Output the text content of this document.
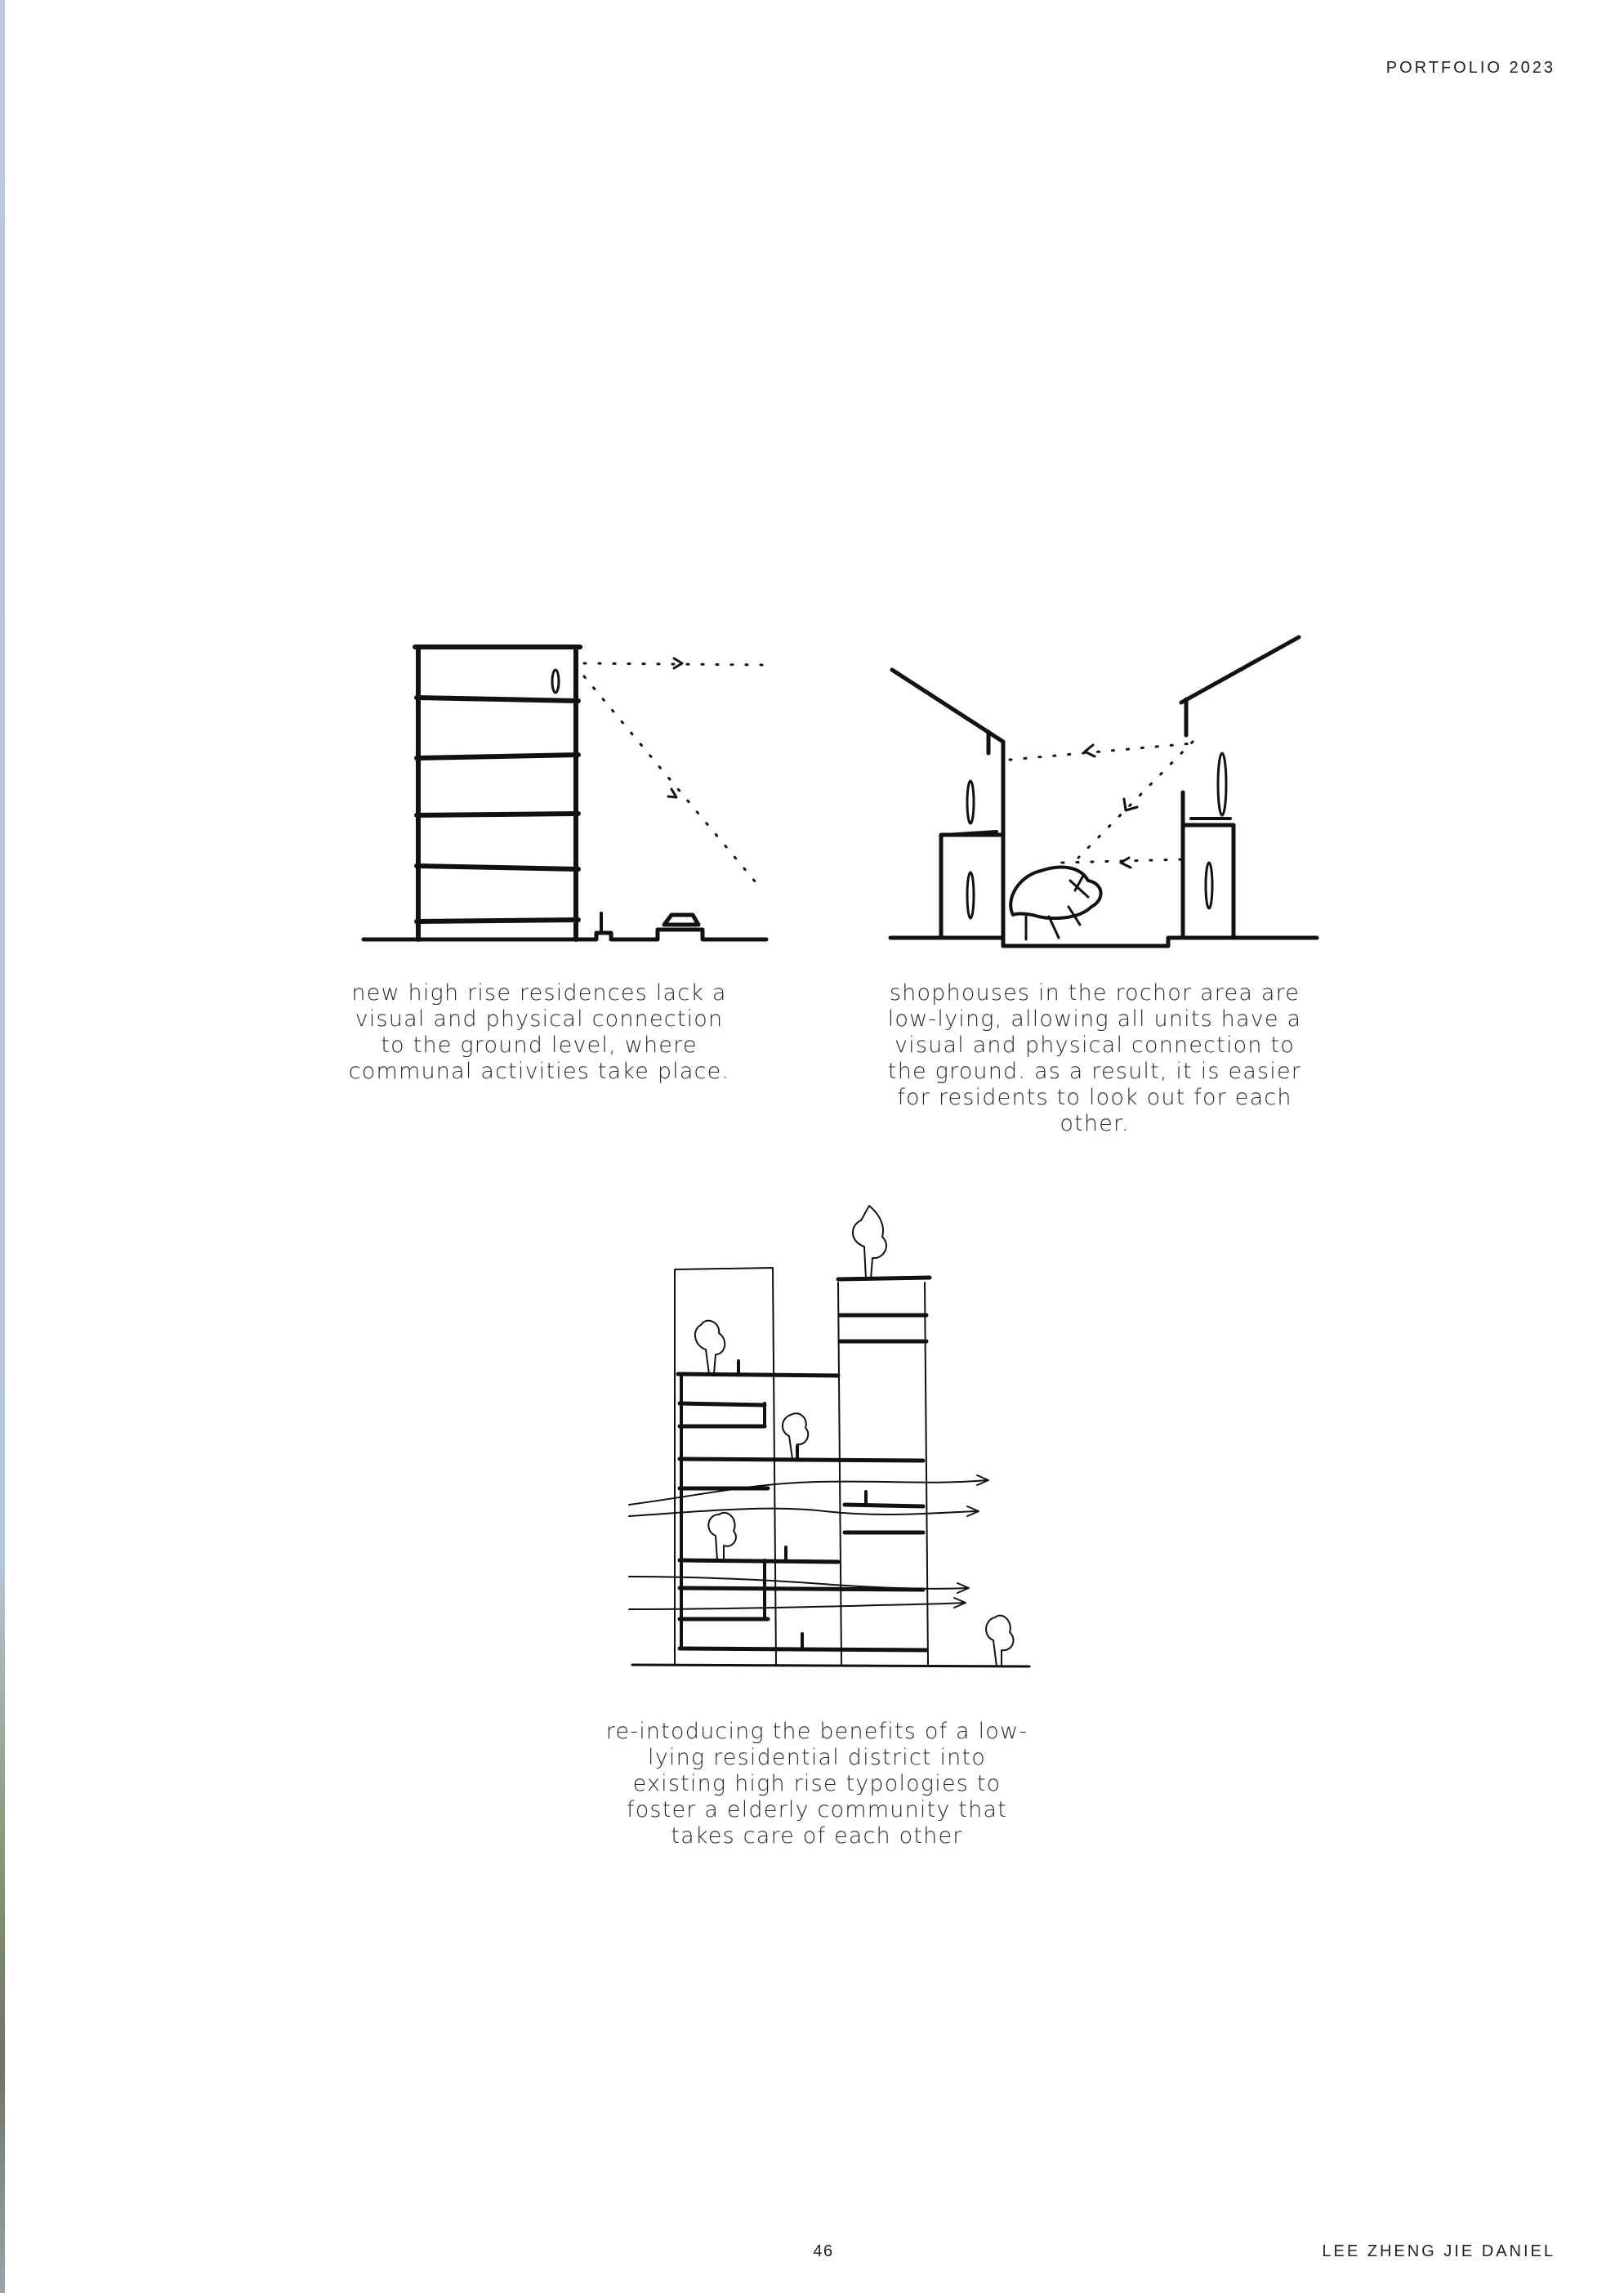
PORTFOLIO 2023
new high rise residences lack a
visual and physical connection
to the ground level, where
communal activities take place.
shophouses in the rochor area are
low-lying, allowing all units have a
visual and physical connection to
the ground. as a result, it is easier
for residents to look out for each
other.
re-intoducing the benefits of a low-
lying residential district into
existing high rise typologies to
foster a elderly community that
takes care of each other
46	LEE ZHENG JIE DANIEL
